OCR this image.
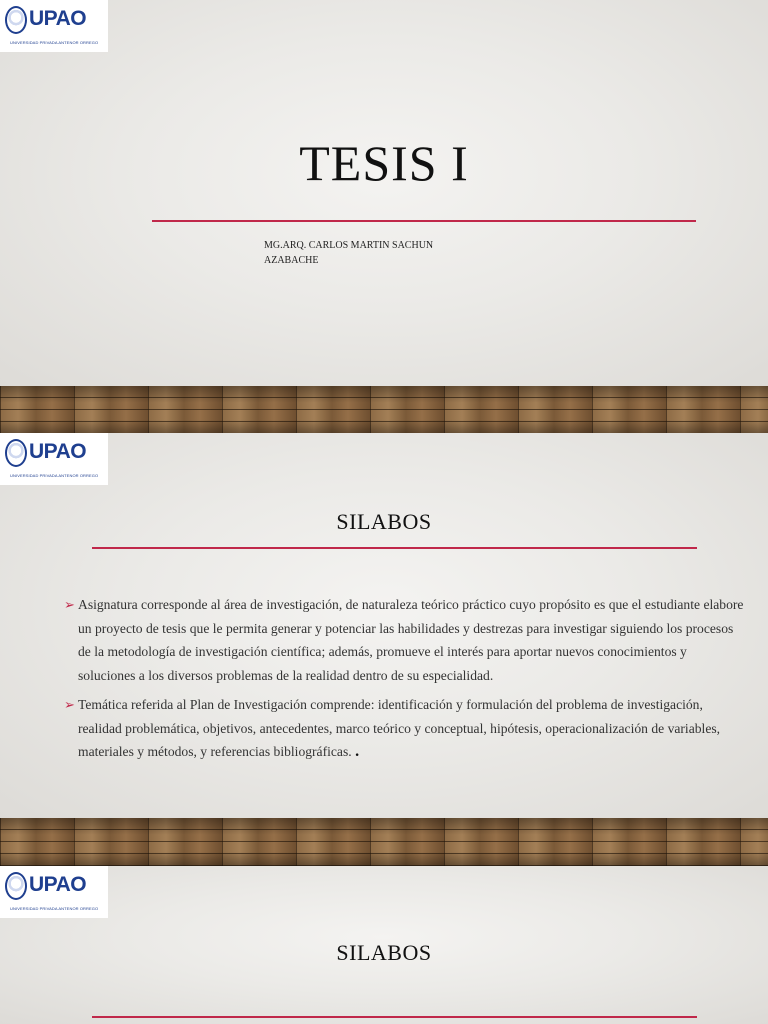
UPAO
UNIVERSIDAD PRIVADA ANTENOR ORREGO
TESIS I
MG.ARQ. CARLOS MARTIN SACHUN
AZABACHE
UPAO
UNIVERSIDAD PRIVADA ANTENOR ORREGO
SILABOS
➢ Asignatura corresponde al área de investigación, de naturaleza teórico práctico cuyo propósito es que el estudiante elabore un proyecto de tesis que le permita generar y potenciar las habilidades y destrezas para investigar siguiendo los procesos de la metodología de investigación científica; además, promueve el interés para aportar nuevos conocimientos y soluciones a los diversos problemas de la realidad dentro de su especialidad.
➢ Temática referida al Plan de Investigación comprende: identificación y formulación del problema de investigación, realidad problemática, objetivos, antecedentes, marco teórico y conceptual, hipótesis, operacionalización de variables, materiales y métodos, y referencias bibliográficas. .
UPAO
UNIVERSIDAD PRIVADA ANTENOR ORREGO
SILABOS
